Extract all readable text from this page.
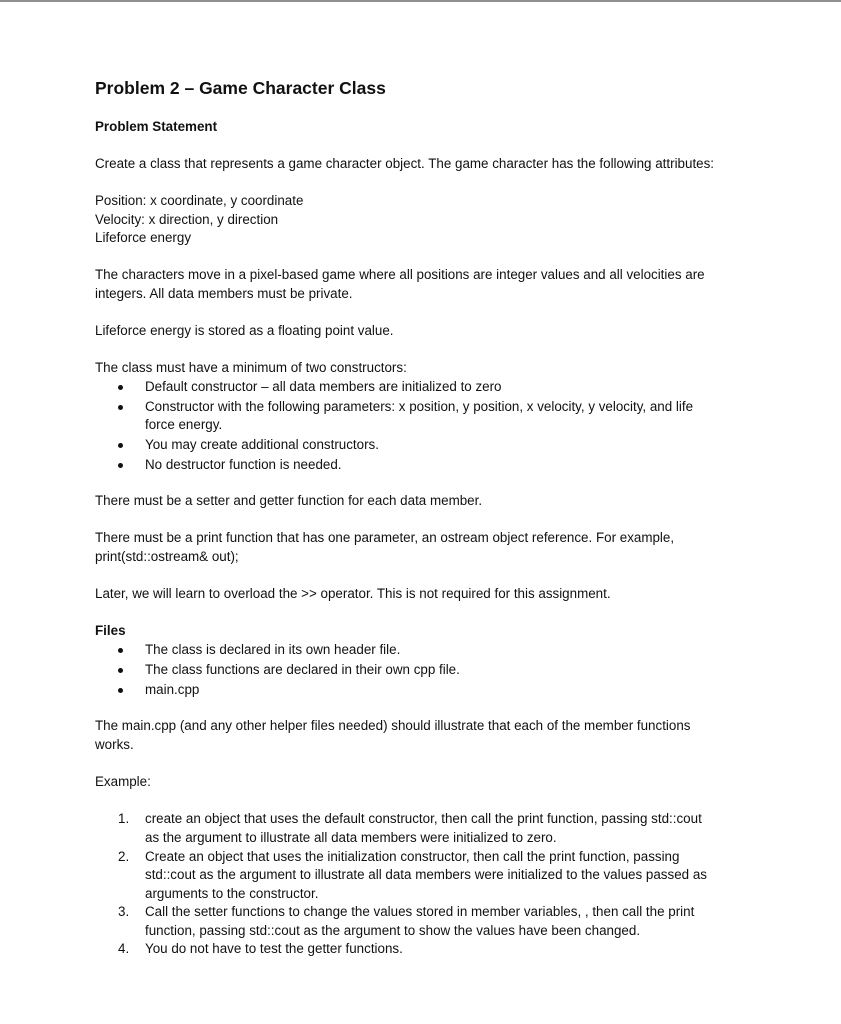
Problem 2 – Game Character Class
Problem Statement
Create a class that represents a game character object. The game character has the following attributes:
Position: x coordinate, y coordinate
Velocity: x direction, y direction
Lifeforce energy
The characters move in a pixel-based game where all positions are integer values and all velocities are
integers. All data members must be private.
Lifeforce energy is stored as a floating point value.
The class must have a minimum of two constructors:
Default constructor – all data members are initialized to zero
Constructor with the following parameters: x position, y position, x velocity, y velocity, and life
force energy.
You may create additional constructors.
No destructor function is needed.
There must be a setter and getter function for each data member.
There must be a print function that has one parameter, an ostream object reference. For example,
print(std::ostream& out);
Later, we will learn to overload the >> operator. This is not required for this assignment.
Files
The class is declared in its own header file.
The class functions are declared in their own cpp file.
main.cpp
The main.cpp (and any other helper files needed) should illustrate that each of the member functions
works.
Example:
1. create an object that uses the default constructor, then call the print function, passing std::cout
as the argument to illustrate all data members were initialized to zero.
2. Create an object that uses the initialization constructor, then call the print function, passing
std::cout as the argument to illustrate all data members were initialized to the values passed as
arguments to the constructor.
3. Call the setter functions to change the values stored in member variables, , then call the print
function, passing std::cout as the argument to show the values have been changed.
4. You do not have to test the getter functions.
